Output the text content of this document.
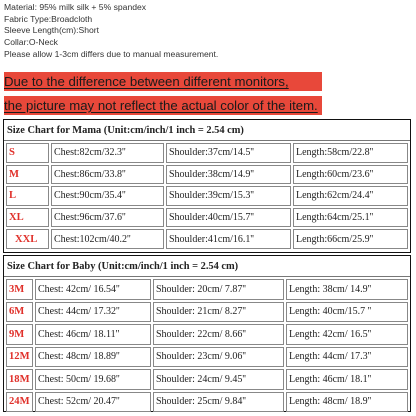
Material: 95% milk silk + 5% spandex
Fabric Type:Broadcloth
Sleeve Length(cm):Short
Collar:O-Neck
Please allow 1-3cm differs due to manual measurement.
Due to the difference between different monitors,
the picture may not reflect the actual color of the item.
Size Chart for Mama (Unit:cm/inch/1 inch = 2.54 cm)
S	Chest:82cm/32.3''	Shoulder:37cm/14.5''	Length:58cm/22.8''
M	Chest:86cm/33.8''	Shoulder:38cm/14.9''	Length:60cm/23.6''
L	Chest:90cm/35.4''	Shoulder:39cm/15.3''	Length:62cm/24.4''
XL	Chest:96cm/37.6''	Shoulder:40cm/15.7''	Length:64cm/25.1''
XXL	Chest:102cm/40.2''	Shoulder:41cm/16.1''	Length:66cm/25.9''
Size Chart for Baby (Unit:cm/inch/1 inch = 2.54 cm)
3M	Chest: 42cm/ 16.54''	Shoulder: 20cm/ 7.87''	Length: 38cm/ 14.9''
6M	Chest: 44cm/ 17.32''	Shoulder: 21cm/ 8.27''	Length: 40cm/15.7 ''
9M	Chest: 46cm/ 18.11''	Shoulder: 22cm/ 8.66''	Length: 42cm/ 16.5''
12M	Chest: 48cm/ 18.89''	Shoulder: 23cm/ 9.06''	Length: 44cm/ 17.3''
18M	Chest: 50cm/ 19.68''	Shoulder: 24cm/ 9.45''	Length: 46cm/ 18.1''
24M	Chest: 52cm/ 20.47''	Shoulder: 25cm/ 9.84''	Length: 48cm/ 18.9''
